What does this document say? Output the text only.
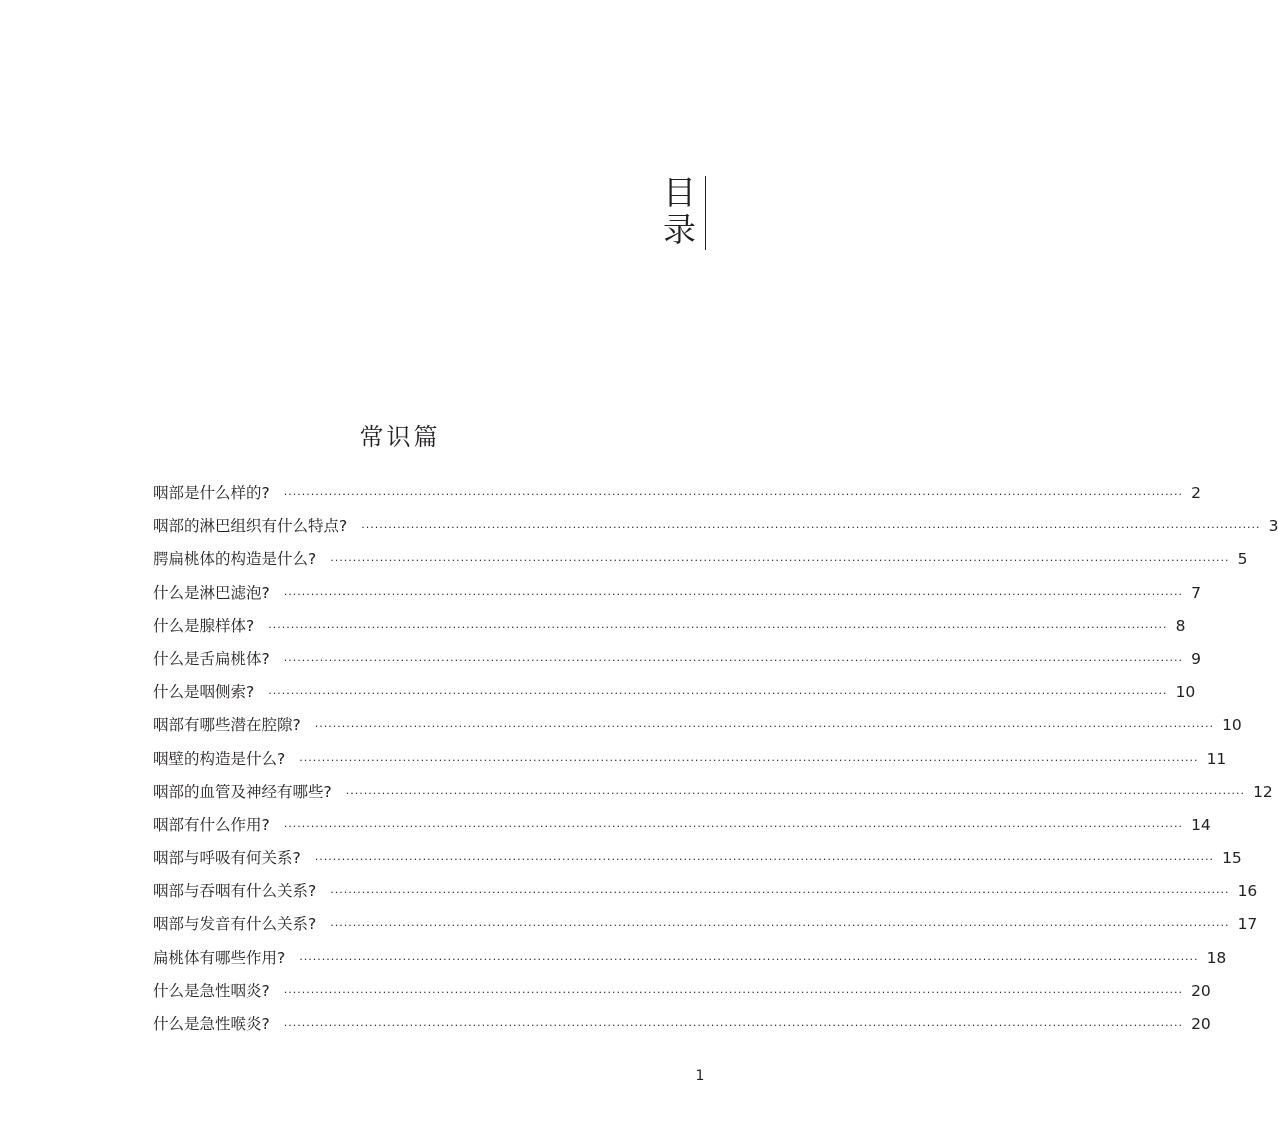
目
录
常识篇
咽部是什么样的? ········································································································································································································ 2
咽部的淋巴组织有什么特点? ········································································································································································································ 3
腭扁桃体的构造是什么? ········································································································································································································ 5
什么是淋巴滤泡? ········································································································································································································ 7
什么是腺样体? ········································································································································································································ 8
什么是舌扁桃体? ········································································································································································································ 9
什么是咽侧索? ········································································································································································································ 10
咽部有哪些潜在腔隙? ········································································································································································································ 10
咽壁的构造是什么? ········································································································································································································ 11
咽部的血管及神经有哪些? ········································································································································································································ 12
咽部有什么作用? ········································································································································································································ 14
咽部与呼吸有何关系? ········································································································································································································ 15
咽部与吞咽有什么关系? ········································································································································································································ 16
咽部与发音有什么关系? ········································································································································································································ 17
扁桃体有哪些作用? ········································································································································································································ 18
什么是急性咽炎? ········································································································································································································ 20
什么是急性喉炎? ········································································································································································································ 20
1
